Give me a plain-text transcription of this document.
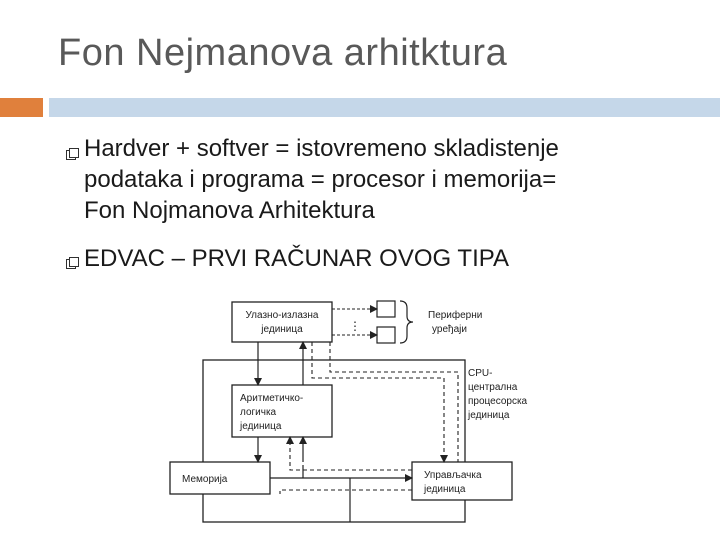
Fon Nejmanova arhitktura
Hardver + softver = istovremeno skladistenje
podataka i programa = procesor i memorija=
Fon Nojmanova Arhitektura
EDVAC – PRVI RAČUNAR OVOG TIPA
Улазно-излазна
јединица	⋮
Периферни
уређаји
CPU-
централна
процесорска
јединица
Аритметичко-
логичка
јединица
Меморија	Управљачка
јединица
